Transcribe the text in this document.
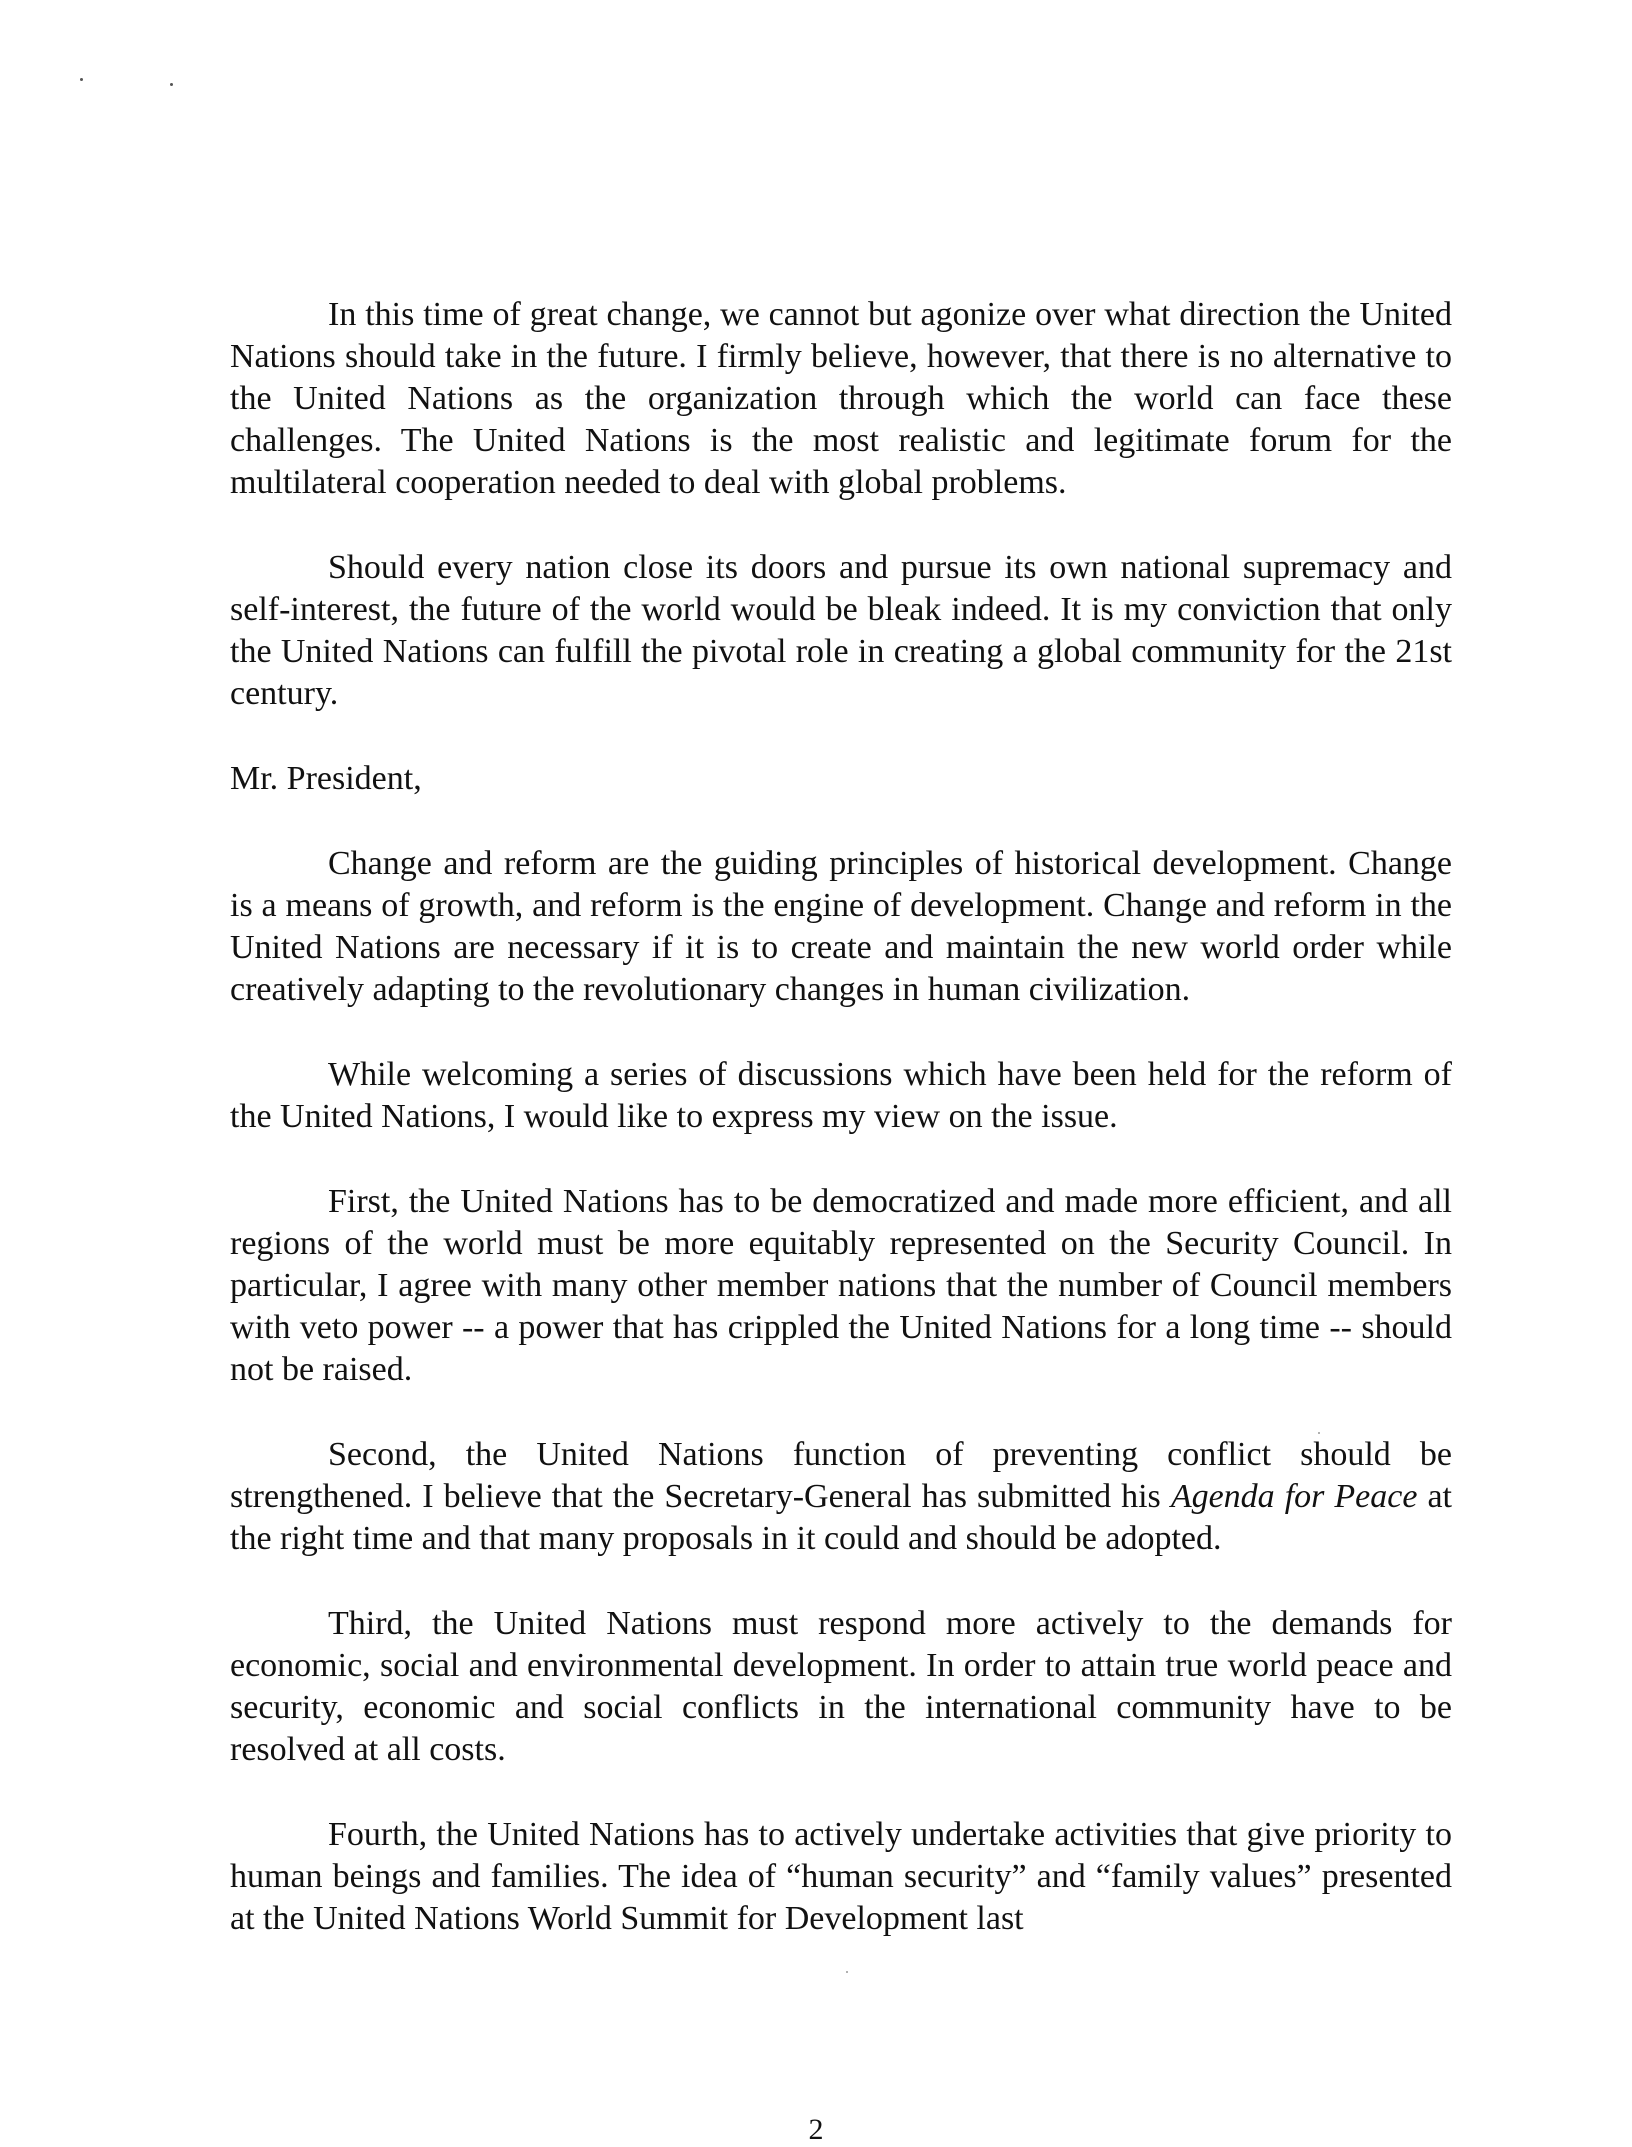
In this time of great change, we cannot but agonize over what direction the United Nations should take in the future. I firmly believe, however, that there is no alternative to the United Nations as the organization through which the world can face these challenges. The United Nations is the most realistic and legitimate forum for the multilateral cooperation needed to deal with global problems.

Should every nation close its doors and pursue its own national supremacy and self-interest, the future of the world would be bleak indeed. It is my conviction that only the United Nations can fulfill the pivotal role in creating a global community for the 21st century.

Mr. President,

Change and reform are the guiding principles of historical development. Change is a means of growth, and reform is the engine of development. Change and reform in the United Nations are necessary if it is to create and maintain the new world order while creatively adapting to the revolutionary changes in human civilization.

While welcoming a series of discussions which have been held for the reform of the United Nations, I would like to express my view on the issue.

First, the United Nations has to be democratized and made more efficient, and all regions of the world must be more equitably represented on the Security Council. In particular, I agree with many other member nations that the number of Council members with veto power -- a power that has crippled the United Nations for a long time -- should not be raised.

Second, the United Nations function of preventing conflict should be strengthened. I believe that the Secretary-General has submitted his Agenda for Peace at the right time and that many proposals in it could and should be adopted.

Third, the United Nations must respond more actively to the demands for economic, social and environmental development. In order to attain true world peace and security, economic and social conflicts in the international community have to be resolved at all costs.

Fourth, the United Nations has to actively undertake activities that give priority to human beings and families. The idea of “human security” and “family values” presented at the United Nations World Summit for Development last

2
